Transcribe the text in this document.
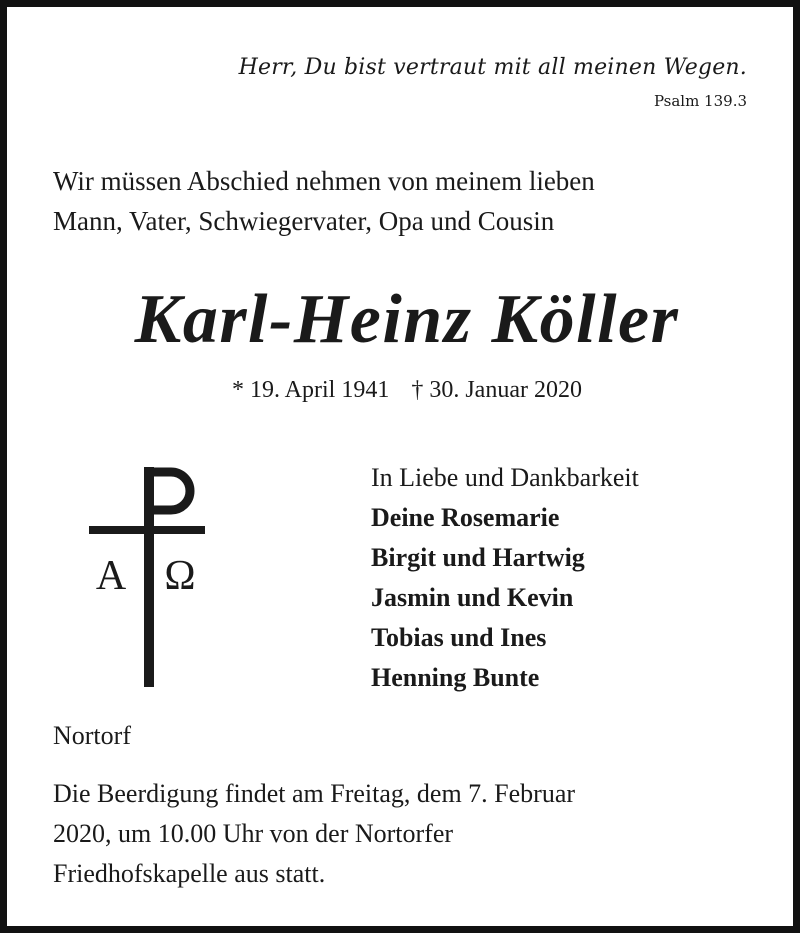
Herr, Du bist vertraut mit all meinen Wegen.
Psalm 139.3
Wir müssen Abschied nehmen von meinem lieben
Mann, Vater, Schwiegervater, Opa und Cousin
Karl-Heinz Köller
* 19. April 1941 † 30. Januar 2020
A Ω
In Liebe und Dankbarkeit
Deine Rosemarie
Birgit und Hartwig
Jasmin und Kevin
Tobias und Ines
Henning Bunte
Nortorf
Die Beerdigung findet am Freitag, dem 7. Februar
2020, um 10.00 Uhr von der Nortorfer
Friedhofskapelle aus statt.
